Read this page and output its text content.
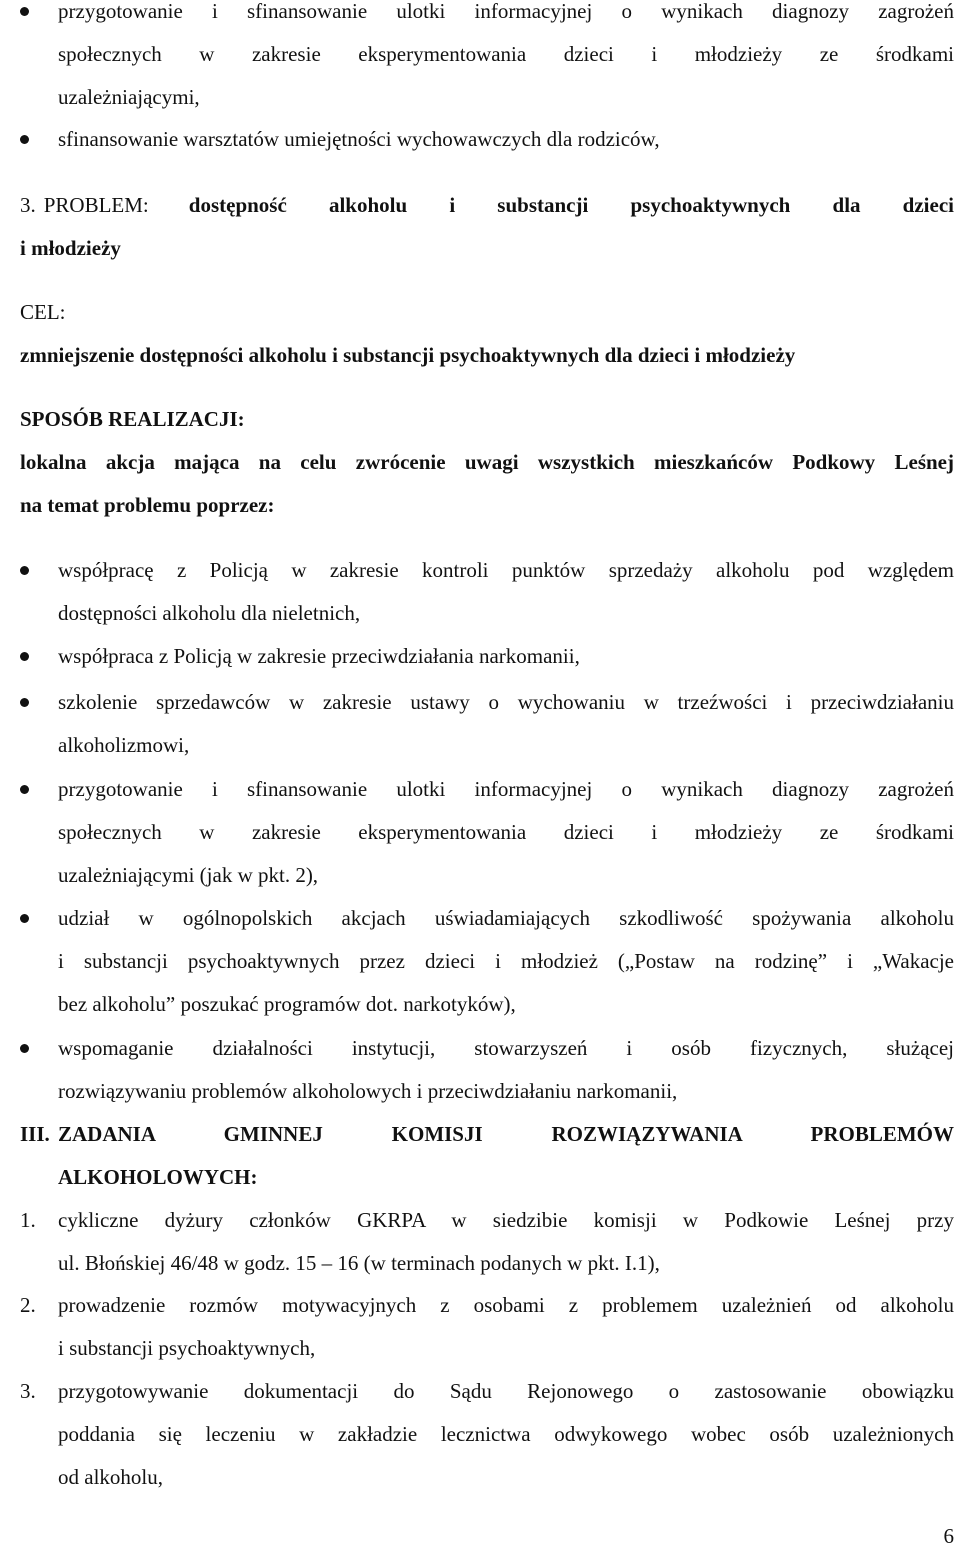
przygotowanie i sfinansowanie ulotki informacyjnej o wynikach diagnozy zagrożeń
społecznych w zakresie eksperymentowania dzieci i młodzieży ze środkami
uzależniającymi,
sfinansowanie warsztatów umiejętności wychowawczych dla rodziców,
3. PROBLEM: dostępność alkoholu i substancji psychoaktywnych dla dzieci
i młodzieży
CEL:
zmniejszenie dostępności alkoholu i substancji psychoaktywnych dla dzieci i młodzieży
SPOSÓB REALIZACJI:
lokalna akcja mająca na celu zwrócenie uwagi wszystkich mieszkańców Podkowy Leśnej
na temat problemu poprzez:
współpracę z Policją w zakresie kontroli punktów sprzedaży alkoholu pod względem
dostępności alkoholu dla nieletnich,
współpraca z Policją w zakresie przeciwdziałania narkomanii,
szkolenie sprzedawców w zakresie ustawy o wychowaniu w trzeźwości i przeciwdziałaniu
alkoholizmowi,
przygotowanie i sfinansowanie ulotki informacyjnej o wynikach diagnozy zagrożeń
społecznych w zakresie eksperymentowania dzieci i młodzieży ze środkami
uzależniającymi (jak w pkt. 2),
udział w ogólnopolskich akcjach uświadamiających szkodliwość spożywania alkoholu
i substancji psychoaktywnych przez dzieci i młodzież („Postaw na rodzinę” i „Wakacje
bez alkoholu” poszukać programów dot. narkotyków),
wspomaganie działalności instytucji, stowarzyszeń i osób fizycznych, służącej
rozwiązywaniu problemów alkoholowych i przeciwdziałaniu narkomanii,
III. ZADANIA GMINNEJ KOMISJI ROZWIĄZYWANIA PROBLEMÓW
ALKOHOLOWYCH:
1. cykliczne dyżury członków GKRPA w siedzibie komisji w Podkowie Leśnej przy
ul. Błońskiej 46/48 w godz. 15 – 16 (w terminach podanych w pkt. I.1),
2. prowadzenie rozmów motywacyjnych z osobami z problemem uzależnień od alkoholu
i substancji psychoaktywnych,
3. przygotowywanie dokumentacji do Sądu Rejonowego o zastosowanie obowiązku
poddania się leczeniu w zakładzie lecznictwa odwykowego wobec osób uzależnionych
od alkoholu,
6
